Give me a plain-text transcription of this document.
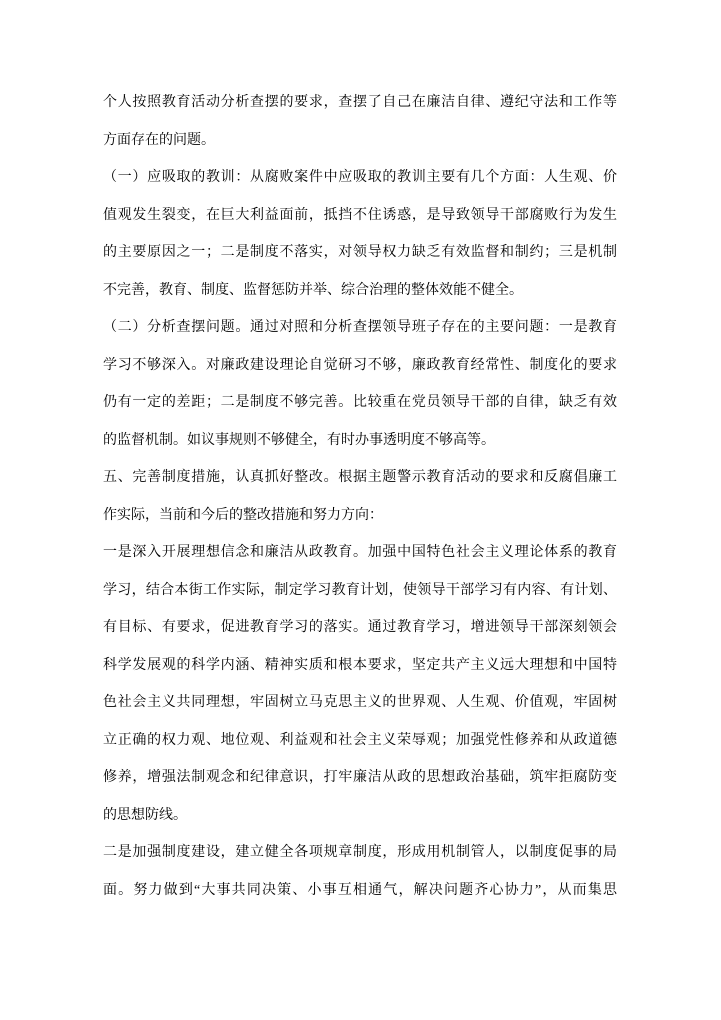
个人按照教育活动分析查摆的要求，查摆了自己在廉洁自律、遵纪守法和工作等
方面存在的问题。
（一）应吸取的教训：从腐败案件中应吸取的教训主要有几个方面：人生观、价
值观发生裂变，在巨大利益面前，抵挡不住诱惑，是导致领导干部腐败行为发生
的主要原因之一；二是制度不落实，对领导权力缺乏有效监督和制约；三是机制
不完善，教育、制度、监督惩防并举、综合治理的整体效能不健全。
（二）分析查摆问题。通过对照和分析查摆领导班子存在的主要问题：一是教育
学习不够深入。对廉政建设理论自觉研习不够，廉政教育经常性、制度化的要求
仍有一定的差距；二是制度不够完善。比较重在党员领导干部的自律，缺乏有效
的监督机制。如议事规则不够健全，有时办事透明度不够高等。
五、完善制度措施，认真抓好整改。根据主题警示教育活动的要求和反腐倡廉工
作实际，当前和今后的整改措施和努力方向：
一是深入开展理想信念和廉洁从政教育。加强中国特色社会主义理论体系的教育
学习，结合本街工作实际，制定学习教育计划，使领导干部学习有内容、有计划、
有目标、有要求，促进教育学习的落实。通过教育学习，增进领导干部深刻领会
科学发展观的科学内涵、精神实质和根本要求，坚定共产主义远大理想和中国特
色社会主义共同理想，牢固树立马克思主义的世界观、人生观、价值观，牢固树
立正确的权力观、地位观、利益观和社会主义荣辱观；加强党性修养和从政道德
修养，增强法制观念和纪律意识，打牢廉洁从政的思想政治基础，筑牢拒腐防变
的思想防线。
二是加强制度建设，建立健全各项规章制度，形成用机制管人，以制度促事的局
面。努力做到“大事共同决策、小事互相通气，解决问题齐心协力”，从而集思
